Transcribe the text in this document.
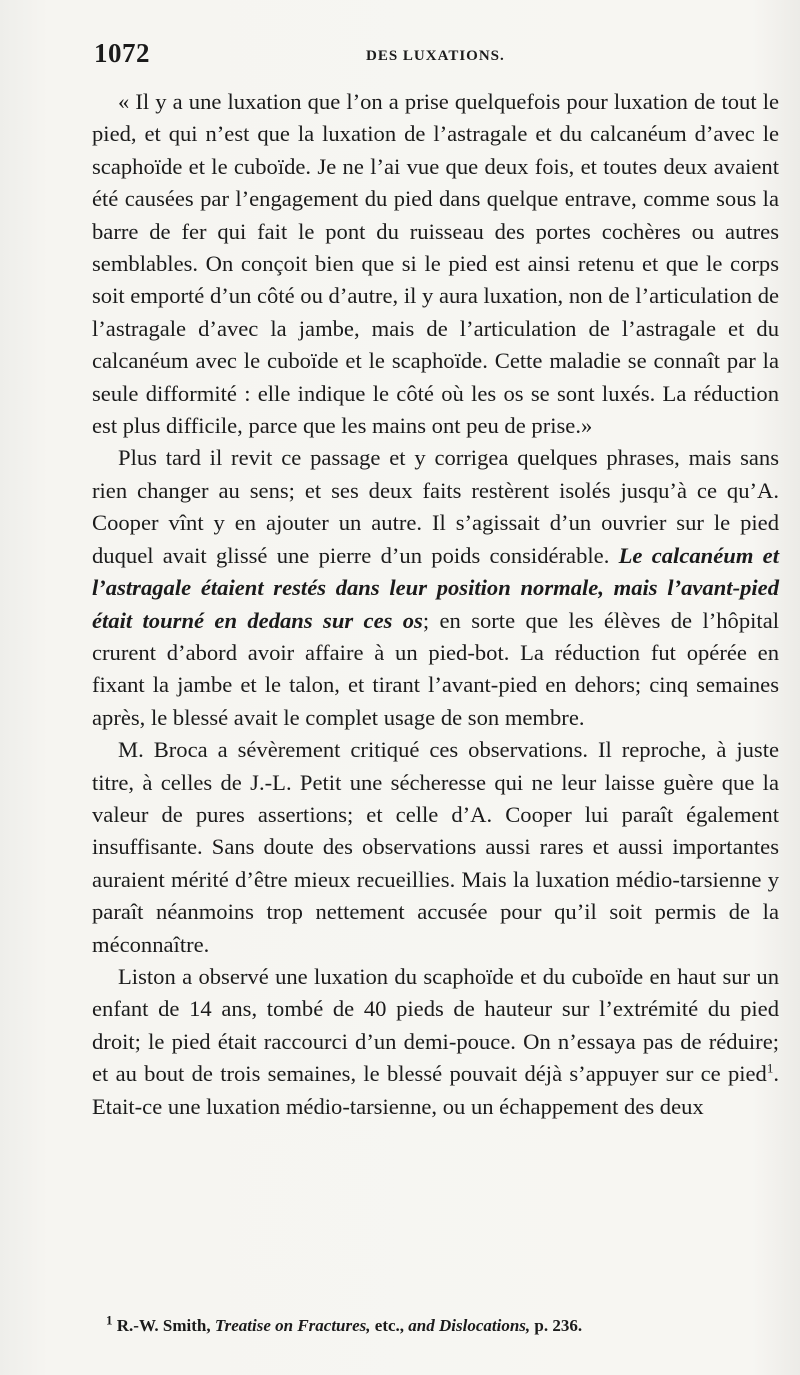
1072	DES LUXATIONS.

« Il y a une luxation que l’on a prise quelquefois pour luxation de tout le pied, et qui n’est que la luxation de l’astragale et du calcanéum d’avec le scaphoïde et le cuboïde. Je ne l’ai vue que deux fois, et toutes deux avaient été causées par l’engagement du pied dans quelque entrave, comme sous la barre de fer qui fait le pont du ruisseau des portes cochères ou autres semblables. On conçoit bien que si le pied est ainsi retenu et que le corps soit emporté d’un côté ou d’autre, il y aura luxation, non de l’articulation de l’astragale d’avec la jambe, mais de l’articulation de l’astragale et du calcanéum avec le cuboïde et le scaphoïde. Cette maladie se connaît par la seule difformité : elle indique le côté où les os se sont luxés. La réduction est plus difficile, parce que les mains ont peu de prise.»

Plus tard il revit ce passage et y corrigea quelques phrases, mais sans rien changer au sens; et ses deux faits restèrent isolés jusqu’à ce qu’A. Cooper vînt y en ajouter un autre. Il s’agissait d’un ouvrier sur le pied duquel avait glissé une pierre d’un poids considérable. Le calcanéum et l’astragale étaient restés dans leur position normale, mais l’avant-pied était tourné en dedans sur ces os; en sorte que les élèves de l’hôpital crurent d’abord avoir affaire à un pied-bot. La réduction fut opérée en fixant la jambe et le talon, et tirant l’avant-pied en dehors; cinq semaines après, le blessé avait le complet usage de son membre.

M. Broca a sévèrement critiqué ces observations. Il reproche, à juste titre, à celles de J.-L. Petit une sécheresse qui ne leur laisse guère que la valeur de pures assertions; et celle d’A. Cooper lui paraît également insuffisante. Sans doute des observations aussi rares et aussi importantes auraient mérité d’être mieux recueillies. Mais la luxation médio-tarsienne y paraît néanmoins trop nettement accusée pour qu’il soit permis de la méconnaître.

Liston a observé une luxation du scaphoïde et du cuboïde en haut sur un enfant de 14 ans, tombé de 40 pieds de hauteur sur l’extrémité du pied droit; le pied était raccourci d’un demi-pouce. On n’essaya pas de réduire; et au bout de trois semaines, le blessé pouvait déjà s’appuyer sur ce pied$^1$. Etait-ce une luxation médio-tarsienne, ou un échappement des deux

$^1$ R.-W. Smith, Treatise on Fractures, etc., and Dislocations, p. 236.
